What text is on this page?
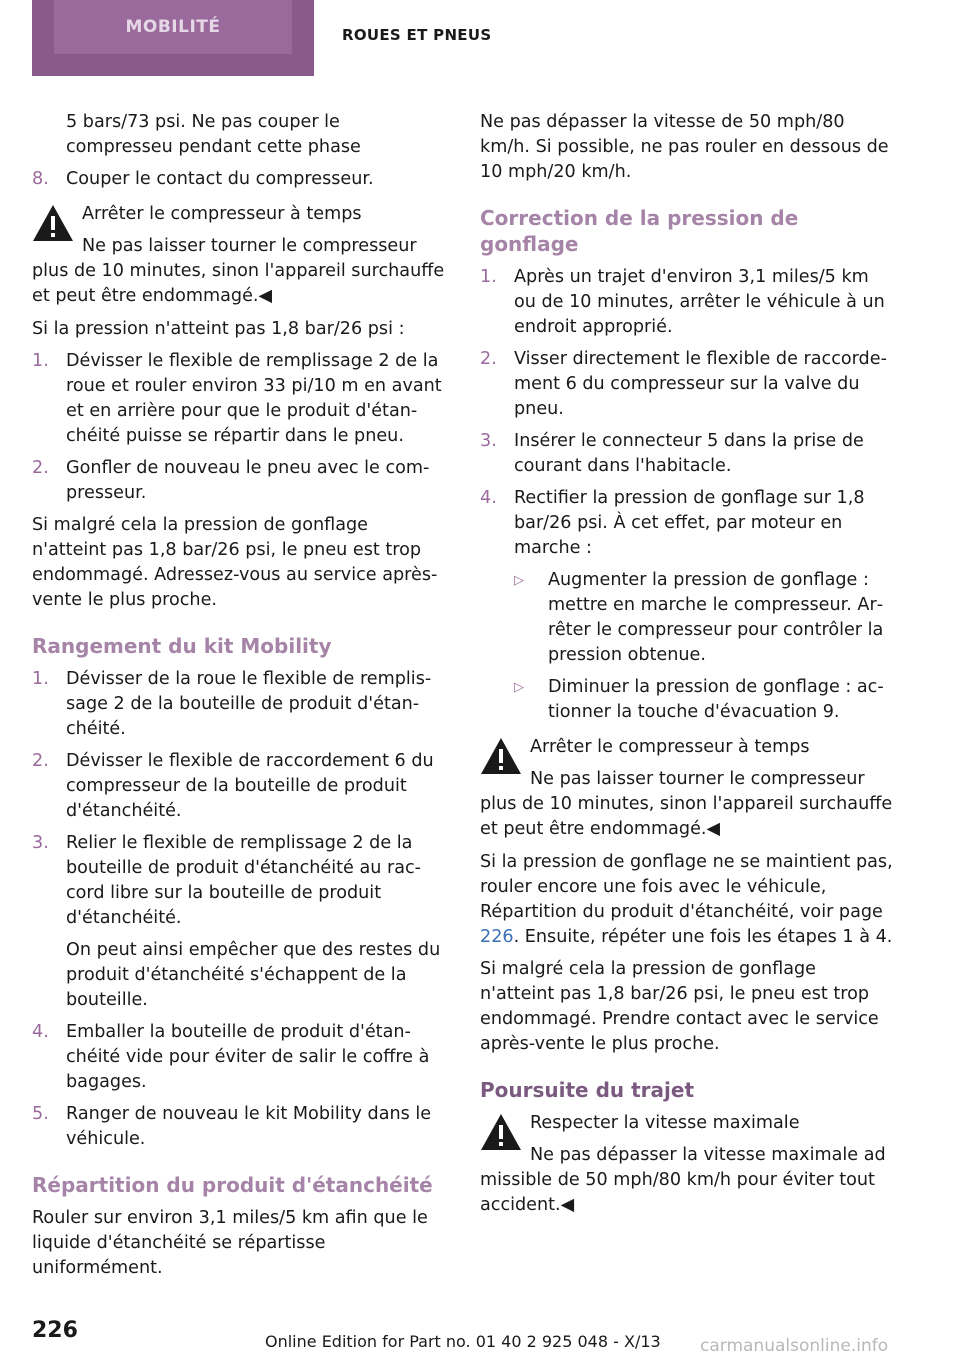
MOBILITÉ	ROUES ET PNEUS
5 bars/73 psi. Ne pas couper le compresseu pendant cette phase
8. Couper le contact du compresseur.
Arrêter le compresseur à temps
Ne pas laisser tourner le compresseur
plus de 10 minutes, sinon l'appareil surchauffe et peut être endommagé.◀

Si la pression n'atteint pas 1,8 bar/26 psi :

1. Dévisser le flexible de remplissage 2 de la roue et rouler environ 33 pi/10 m en avant et en arrière pour que le produit d'étanchéité puisse se répartir dans le pneu.
2. Gonfler de nouveau le pneu avec le compresseur.

Si malgré cela la pression de gonflage n'atteint pas 1,8 bar/26 psi, le pneu est trop endommagé. Adressez-vous au service après-vente le plus proche.

Rangement du kit Mobility
1. Dévisser de la roue le flexible de remplissage 2 de la bouteille de produit d'étanchéité.
2. Dévisser le flexible de raccordement 6 du compresseur de la bouteille de produit d'étanchéité.
3. Relier le flexible de remplissage 2 de la bouteille de produit d'étanchéité au raccord libre sur la bouteille de produit d'étanchéité.
On peut ainsi empêcher que des restes du produit d'étanchéité s'échappent de la bouteille.
4. Emballer la bouteille de produit d'étanchéité vide pour éviter de salir le coffre à bagages.
5. Ranger de nouveau le kit Mobility dans le véhicule.
Répartition du produit d'étanchéité

Rouler sur environ 3,1 miles/5 km afin que le liquide d'étanchéité se répartisse uniformément.

Ne pas dépasser la vitesse de 50 mph/80 km/h. Si possible, ne pas rouler en dessous de 10 mph/20 km/h.

Correction de la pression de gonflage
1. Après un trajet d'environ 3,1 miles/5 km ou de 10 minutes, arrêter le véhicule à un endroit approprié.
2. Visser directement le flexible de raccordement 6 du compresseur sur la valve du pneu.
3. Insérer le connecteur 5 dans la prise de courant dans l'habitacle.
4. Rectifier la pression de gonflage sur 1,8 bar/26 psi. À cet effet, par moteur en marche :
▷	Augmenter la pression de gonflage : mettre en marche le compresseur. Arrêter le compresseur pour contrôler la pression obtenue.
▷	Diminuer la pression de gonflage : actionner la touche d'évacuation 9.
Arrêter le compresseur à temps
Ne pas laisser tourner le compresseur
plus de 10 minutes, sinon l'appareil surchauffe et peut être endommagé.◀

Si la pression de gonflage ne se maintient pas, rouler encore une fois avec le véhicule, Répartition du produit d'étanchéité, voir page 226. Ensuite, répéter une fois les étapes 1 à 4.

Si malgré cela la pression de gonflage n'atteint pas 1,8 bar/26 psi, le pneu est trop endommagé. Prendre contact avec le service après-vente le plus proche.

Poursuite du trajet
Respecter la vitesse maximale
Ne pas dépasser la vitesse maximale ad
missible de 50 mph/80 km/h pour éviter tout accident.◀
226	Online Edition for Part no. 01 40 2 925 048 - X/13 carmanualsonline.info
